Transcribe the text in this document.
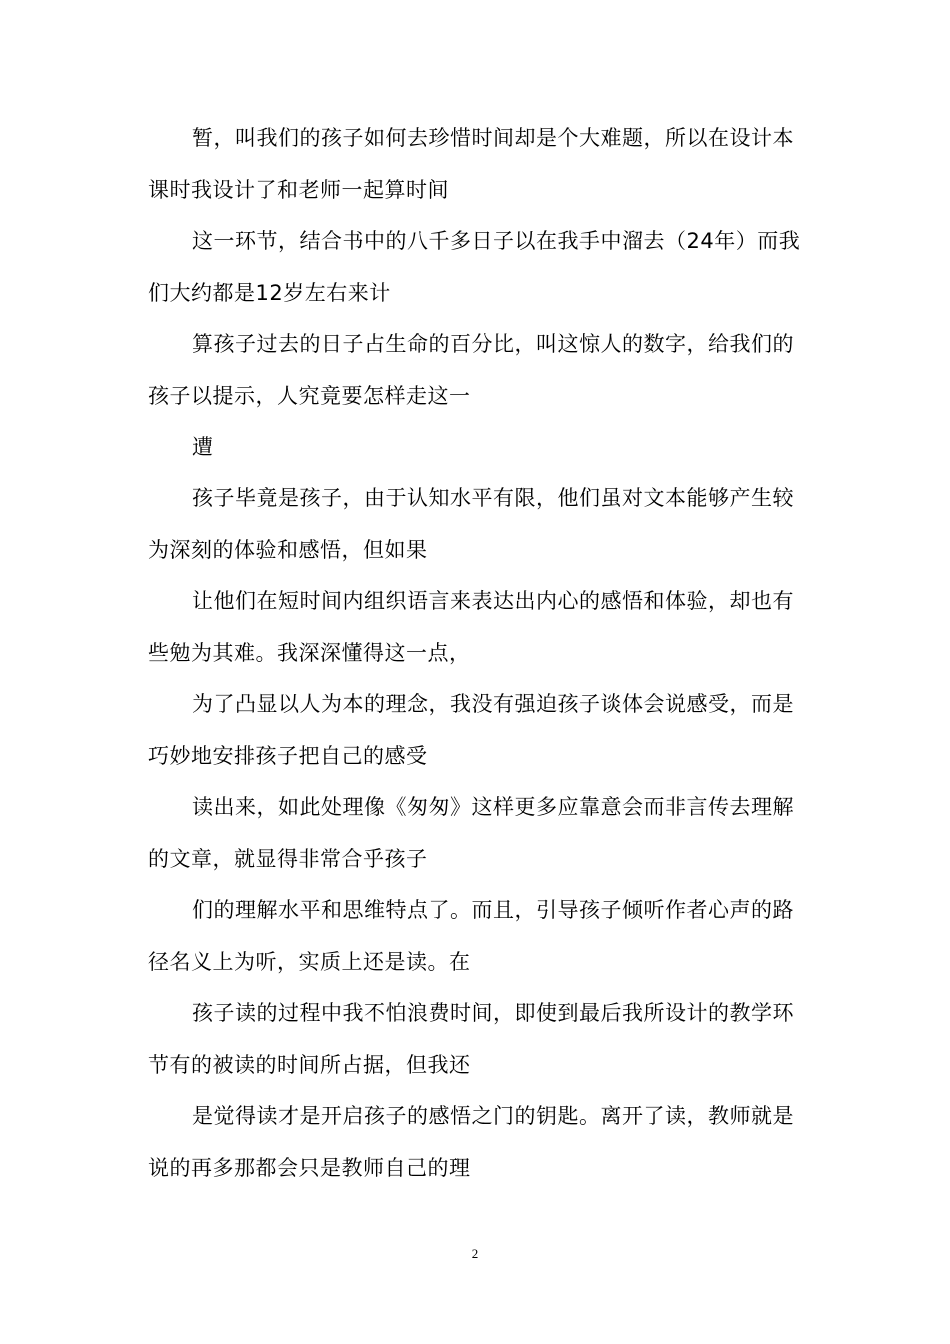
暂，叫我们的孩子如何去珍惜时间却是个大难题，所以在设计本课时我设计了和老师一起算时间

这一环节，结合书中的八千多日子以在我手中溜去（24年）而我们大约都是12岁左右来计

算孩子过去的日子占生命的百分比，叫这惊人的数字，给我们的孩子以提示，人究竟要怎样走这一

遭

孩子毕竟是孩子，由于认知水平有限，他们虽对文本能够产生较为深刻的体验和感悟，但如果

让他们在短时间内组织语言来表达出内心的感悟和体验，却也有些勉为其难。我深深懂得这一点，

为了凸显以人为本的理念，我没有强迫孩子谈体会说感受，而是巧妙地安排孩子把自己的感受

读出来，如此处理像《匆匆》这样更多应靠意会而非言传去理解的文章，就显得非常合乎孩子

们的理解水平和思维特点了。而且，引导孩子倾听作者心声的路径名义上为听，实质上还是读。在

孩子读的过程中我不怕浪费时间，即使到最后我所设计的教学环节有的被读的时间所占据，但我还

是觉得读才是开启孩子的感悟之门的钥匙。离开了读，教师就是说的再多那都会只是教师自己的理

2
